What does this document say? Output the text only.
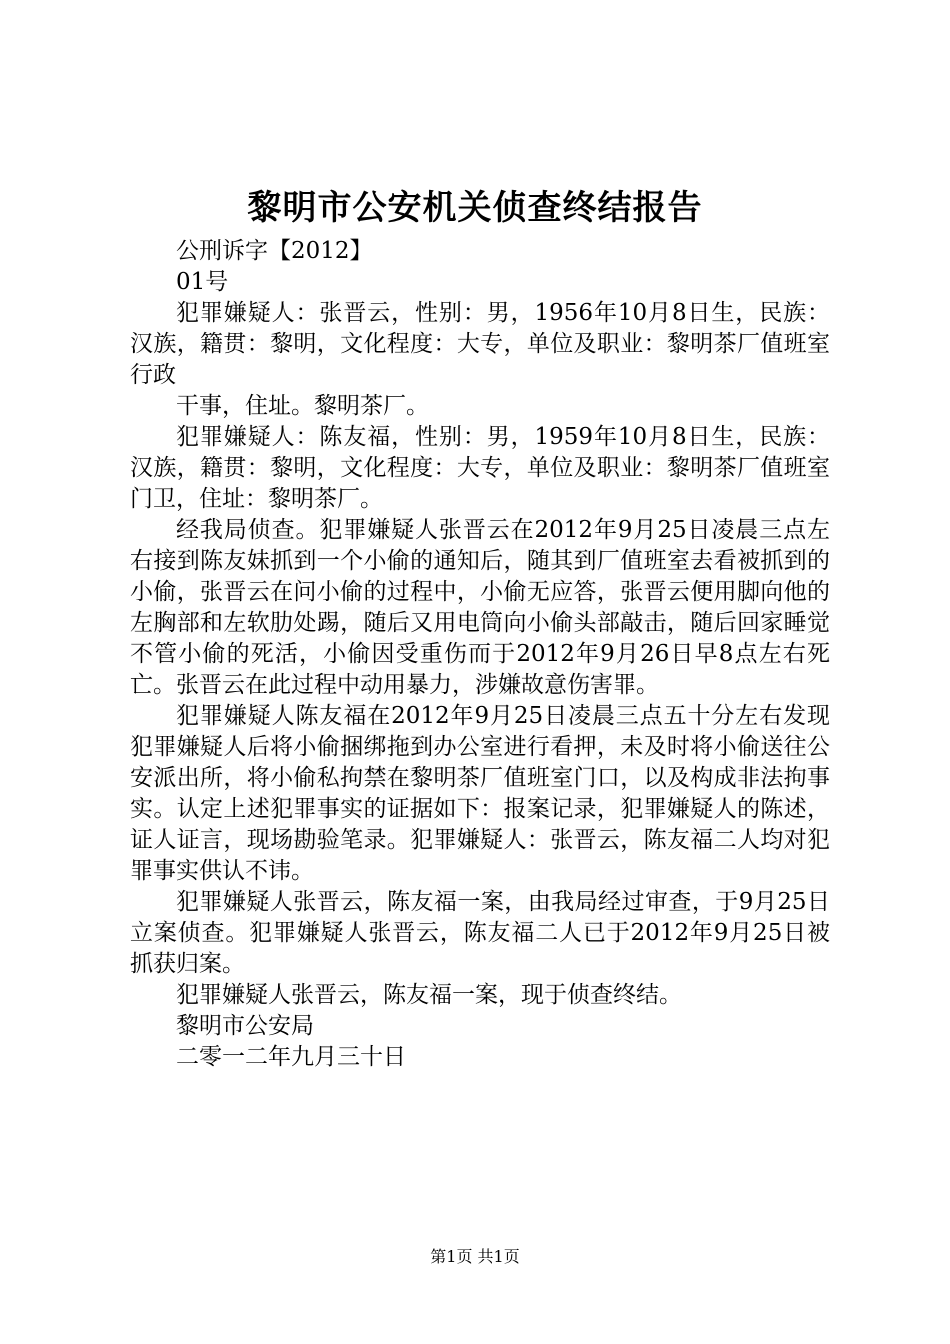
黎明市公安机关侦查终结报告

公刑诉字【2012】

01号

犯罪嫌疑人：张晋云，性别：男，1956年10月8日生，民族：汉族，籍贯：黎明，文化程度：大专，单位及职业：黎明茶厂值班室行政

干事，住址。黎明茶厂。

犯罪嫌疑人：陈友福，性别：男，1959年10月8日生，民族：汉族，籍贯：黎明，文化程度：大专，单位及职业：黎明茶厂值班室门卫，住址：黎明茶厂。

经我局侦查。犯罪嫌疑人张晋云在2012年9月25日凌晨三点左右接到陈友妹抓到一个小偷的通知后，随其到厂值班室去看被抓到的小偷，张晋云在问小偷的过程中，小偷无应答，张晋云便用脚向他的左胸部和左软肋处踢，随后又用电筒向小偷头部敲击，随后回家睡觉不管小偷的死活，小偷因受重伤而于2012年9月26日早8点左右死亡。张晋云在此过程中动用暴力，涉嫌故意伤害罪。

犯罪嫌疑人陈友福在2012年9月25日凌晨三点五十分左右发现犯罪嫌疑人后将小偷捆绑拖到办公室进行看押，未及时将小偷送往公安派出所，将小偷私拘禁在黎明茶厂值班室门口，以及构成非法拘事实。认定上述犯罪事实的证据如下：报案记录，犯罪嫌疑人的陈述，证人证言，现场勘验笔录。犯罪嫌疑人：张晋云，陈友福二人均对犯罪事实供认不讳。

犯罪嫌疑人张晋云，陈友福一案，由我局经过审查，于9月25日立案侦查。犯罪嫌疑人张晋云，陈友福二人已于2012年9月25日被抓获归案。

犯罪嫌疑人张晋云，陈友福一案，现于侦查终结。

黎明市公安局

二零一二年九月三十日

第1页 共1页
